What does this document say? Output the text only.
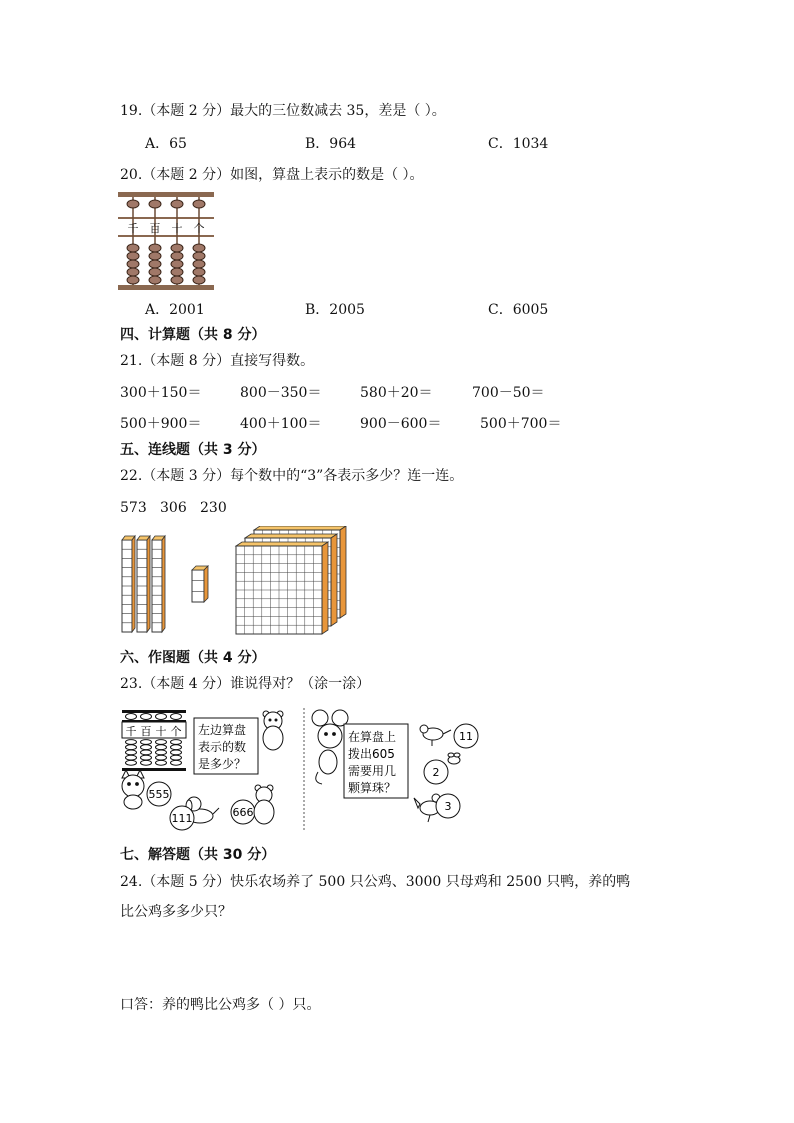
19.（本题 2 分）最大的三位数减去 35，差是（ ）。
A．65	B．964	C．1034
20.（本题 2 分）如图，算盘上表示的数是（ ）。
千 百 十 个
A．2001	B．2005	C．6005
四、计算题（共 8 分）
21.（本题 8 分）直接写得数。
300＋150＝	800－350＝	580＋20＝	700－50＝
500＋900＝	400＋100＝	900－600＝	500＋700＝
五、连线题（共 3 分）
22.（本题 3 分）每个数中的“3”各表示多少？连一连。
573 306 230
六、作图题（共 4 分）
23.（本题 4 分）谁说得对？（涂一涂）
千 百 十 个 左边算盘
表示的数
是多少？
555
111	666
在算盘上
拨出605
需要用几
颗算珠？
11
2
3
七、解答题（共 30 分）
24.（本题 5 分）快乐农场养了 500 只公鸡、3000 只母鸡和 2500 只鸭，养的鸭
比公鸡多多少只？
口答：养的鸭比公鸡多（ ）只。
